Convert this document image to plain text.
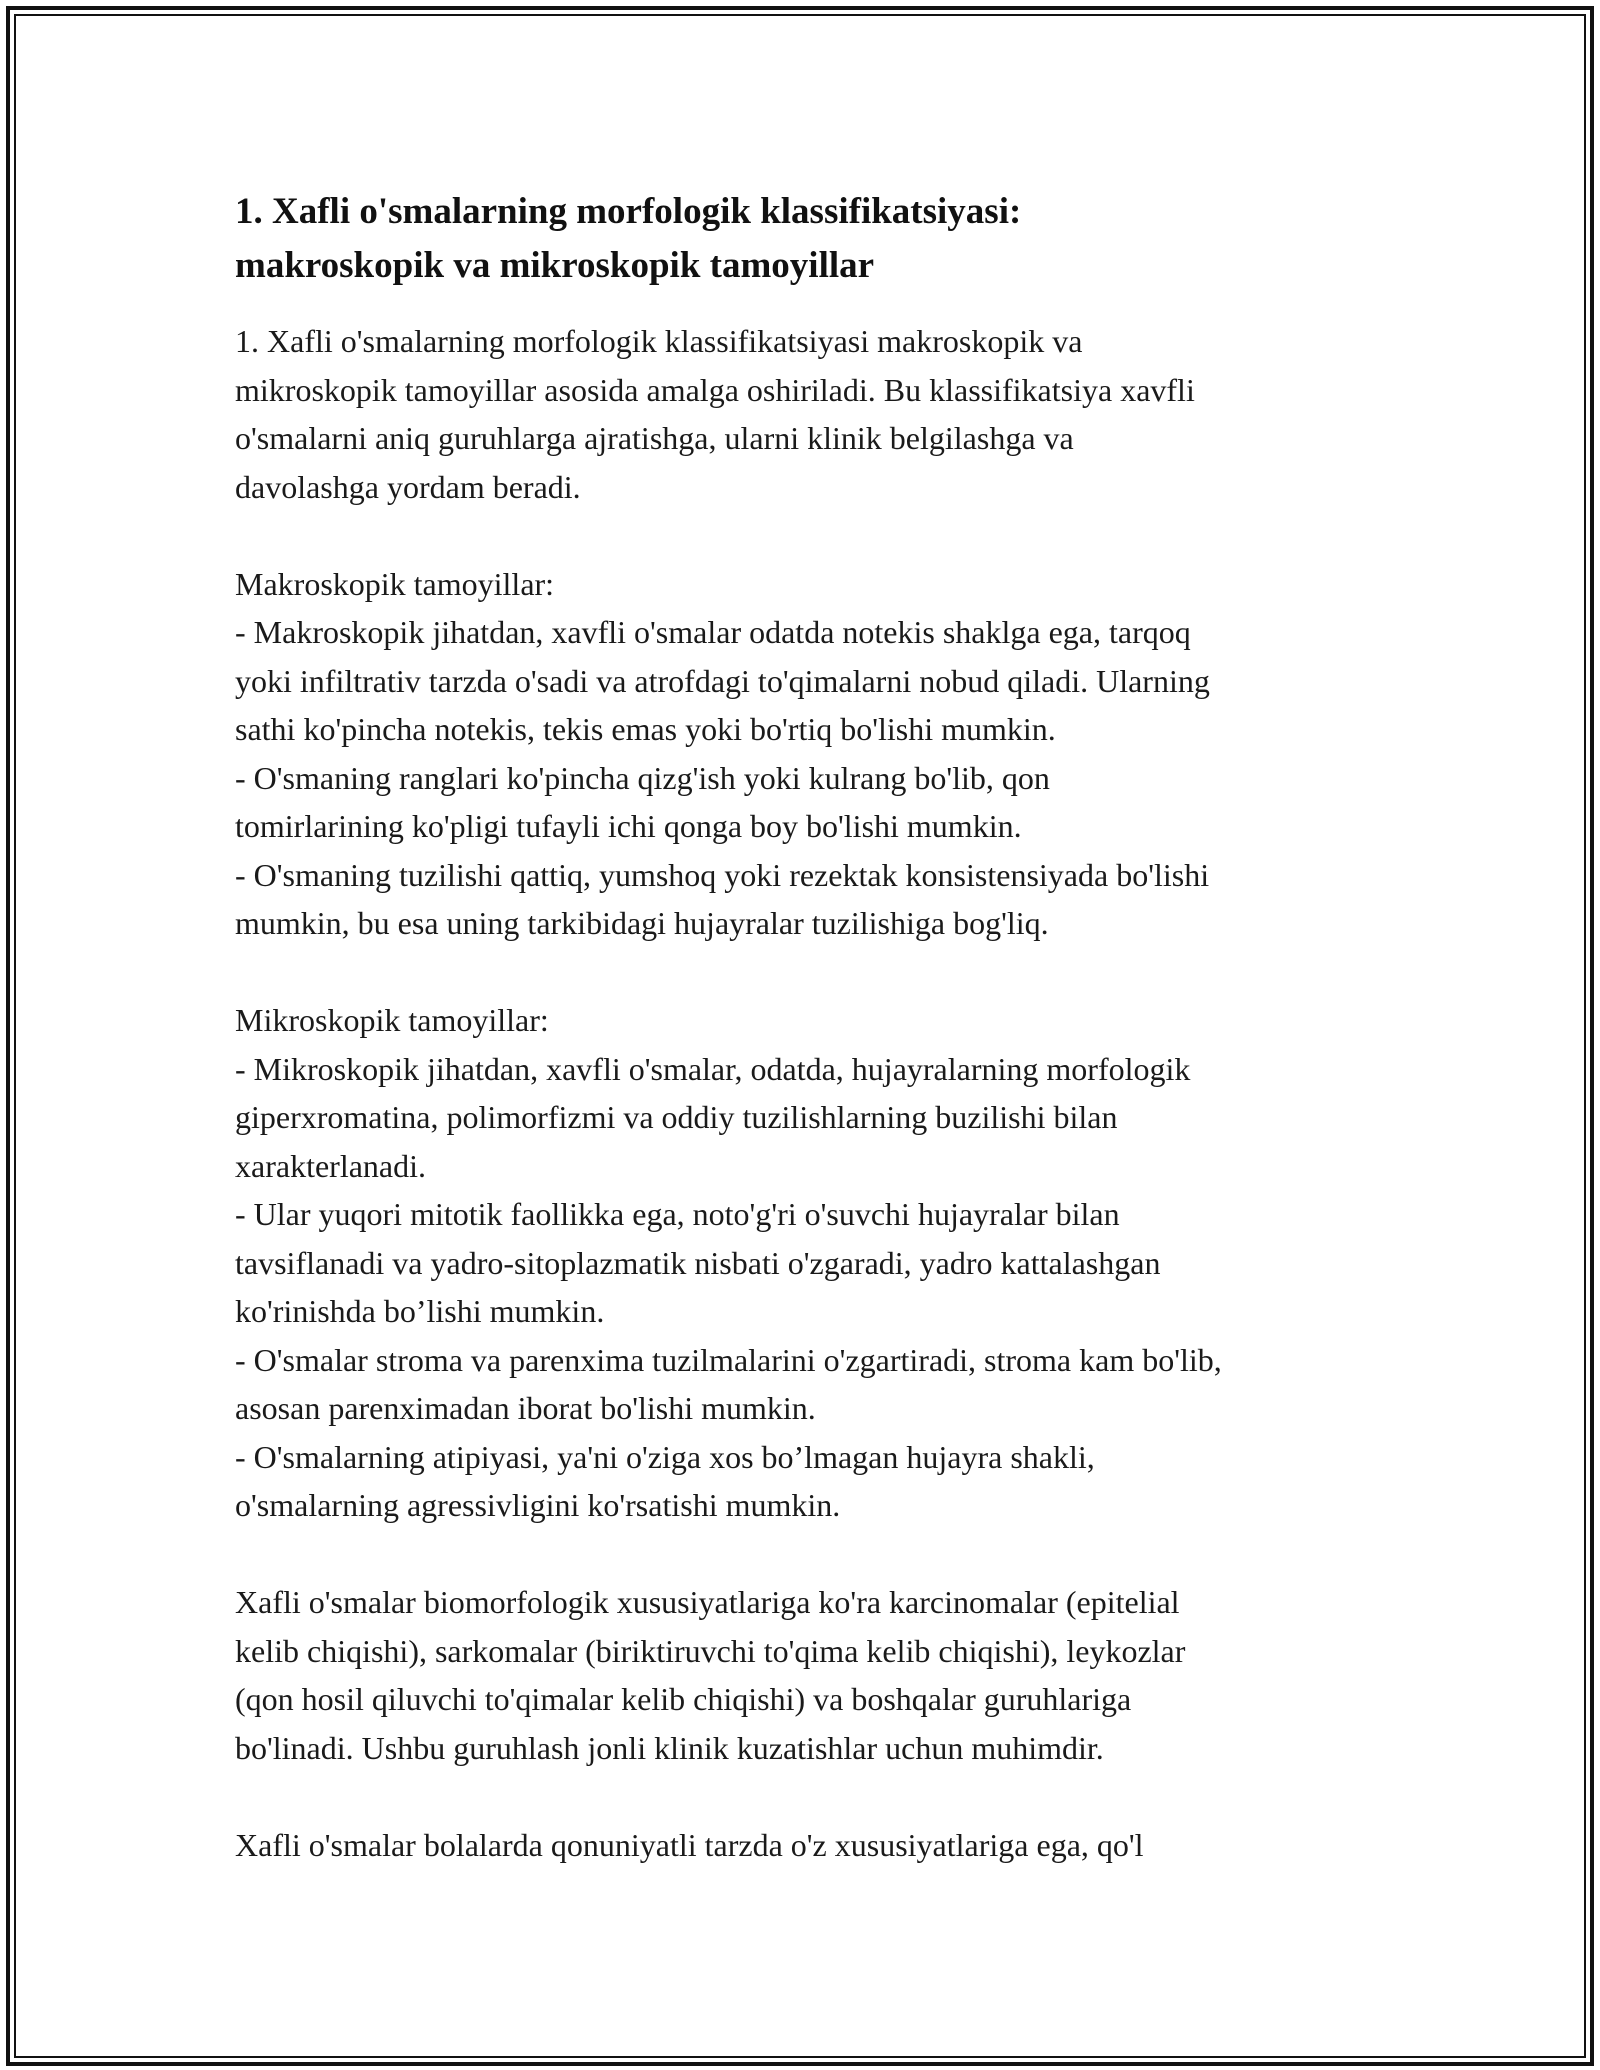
1. Xafli o'smalarning morfologik klassifikatsiyasi:
makroskopik va mikroskopik tamoyillar

1. Xafli o'smalarning morfologik klassifikatsiyasi makroskopik va
mikroskopik tamoyillar asosida amalga oshiriladi. Bu klassifikatsiya xavfli
o'smalarni aniq guruhlarga ajratishga, ularni klinik belgilashga va
davolashga yordam beradi.

Makroskopik tamoyillar:
- Makroskopik jihatdan, xavfli o'smalar odatda notekis shaklga ega, tarqoq
yoki infiltrativ tarzda o'sadi va atrofdagi to'qimalarni nobud qiladi. Ularning
sathi ko'pincha notekis, tekis emas yoki bo'rtiq bo'lishi mumkin.
- O'smaning ranglari ko'pincha qizg'ish yoki kulrang bo'lib, qon
tomirlarining ko'pligi tufayli ichi qonga boy bo'lishi mumkin.
- O'smaning tuzilishi qattiq, yumshoq yoki rezektak konsistensiyada bo'lishi
mumkin, bu esa uning tarkibidagi hujayralar tuzilishiga bog'liq.

Mikroskopik tamoyillar:
- Mikroskopik jihatdan, xavfli o'smalar, odatda, hujayralarning morfologik
giperxromatina, polimorfizmi va oddiy tuzilishlarning buzilishi bilan
xarakterlanadi.
- Ular yuqori mitotik faollikka ega, noto'g'ri o'suvchi hujayralar bilan
tavsiflanadi va yadro-sitoplazmatik nisbati o'zgaradi, yadro kattalashgan
ko'rinishda bo’lishi mumkin.
- O'smalar stroma va parenxima tuzilmalarini o'zgartiradi, stroma kam bo'lib,
asosan parenximadan iborat bo'lishi mumkin.
- O'smalarning atipiyasi, ya'ni o'ziga xos bo’lmagan hujayra shakli,
o'smalarning agressivligini ko'rsatishi mumkin.

Xafli o'smalar biomorfologik xususiyatlariga ko'ra karcinomalar (epitelial
kelib chiqishi), sarkomalar (biriktiruvchi to'qima kelib chiqishi), leykozlar
(qon hosil qiluvchi to'qimalar kelib chiqishi) va boshqalar guruhlariga
bo'linadi. Ushbu guruhlash jonli klinik kuzatishlar uchun muhimdir.

Xafli o'smalar bolalarda qonuniyatli tarzda o'z xususiyatlariga ega, qo'l
